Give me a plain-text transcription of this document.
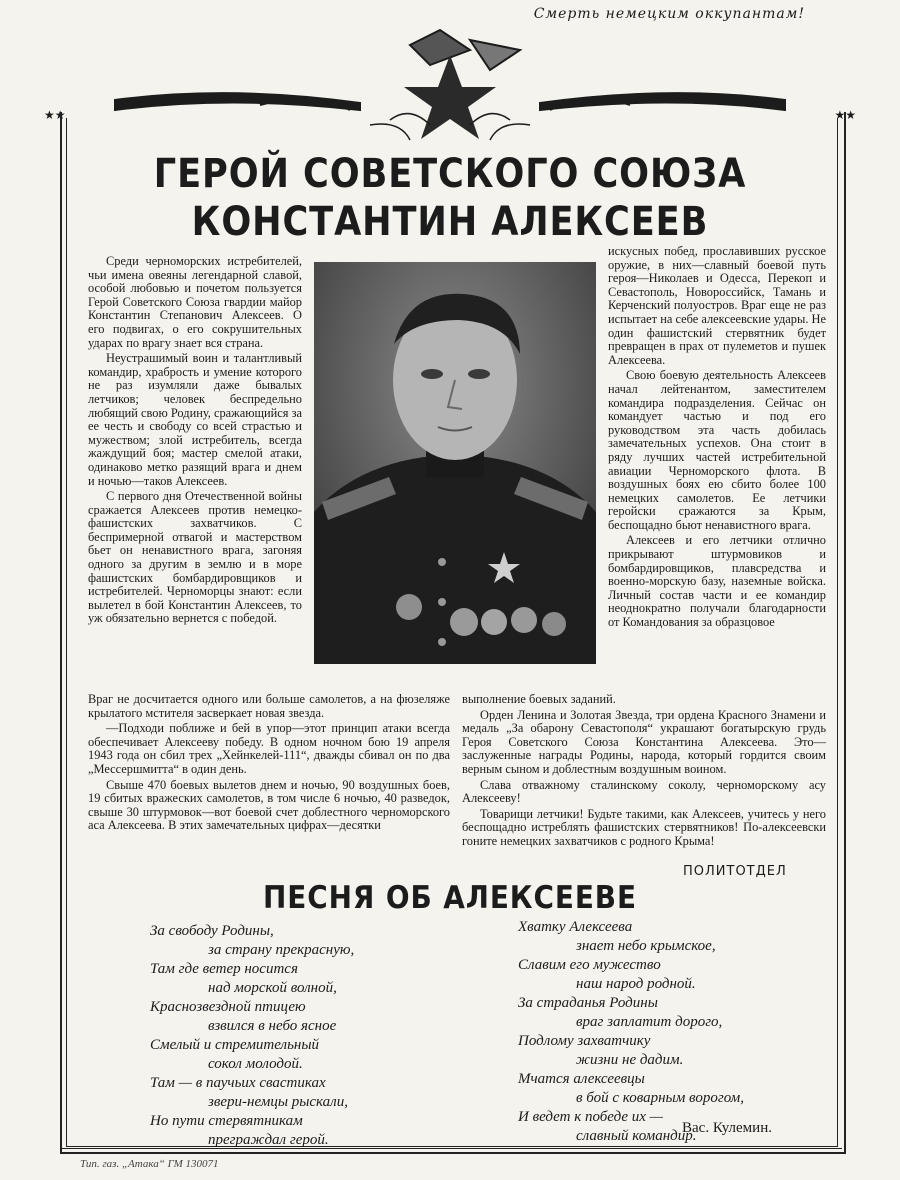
Смерть немецким оккупантам!
★★	★★
ГЕРОЙ СОВЕТСКОГО СОЮЗА
КОНСТАНТИН АЛЕКСЕЕВ

Среди черноморских истребителей, чьи имена овеяны легендарной славой, особой любовью и почетом пользуется Герой Советского Союза гвардии майор Константин Степанович Алексеев. О его подвигах, о его сокрушительных ударах по врагу знает вся страна.

Неустрашимый воин и талантливый командир, храбрость и умение которого не раз изумляли даже бывалых летчиков; человек беспредельно любящий свою Родину, сражающийся за ее честь и свободу со всей страстью и мужеством; злой истребитель, всегда жаждущий боя; мастер смелой атаки, одинаково метко разящий врага и днем и ночью—таков Алексеев.

С первого дня Отечественной войны сражается Алексеев против немецко-фашистских захватчиков. С беспримерной отвагой и мастерством бьет он ненавистного врага, загоняя одного за другим в землю и в море фашистских бомбардировщиков и истребителей. Черноморцы знают: если вылетел в бой Константин Алексеев, то уж обязательно вернется с победой.

искусных побед, прославивших русское оружие, в них—славный боевой путь героя—Николаев и Одесса, Перекоп и Севастополь, Новороссийск, Тамань и Керченский полуостров. Враг еще не раз испытает на себе алексеевские удары. Не один фашистский стервятник будет превращен в прах от пулеметов и пушек Алексеева.

Свою боевую деятельность Алексеев начал лейтенантом, заместителем командира подразделения. Сейчас он командует частью и под его руководством эта часть добилась замечательных успехов. Она стоит в ряду лучших частей истребительной авиации Черноморского флота. В воздушных боях ею сбито более 100 немецких самолетов. Ее летчики геройски сражаются за Крым, беспощадно бьют ненавистного врага.

Алексеев и его летчики отлично прикрывают штурмовиков и бомбардировщиков, плавсредства и военно-морскую базу, наземные войска. Личный состав части и ее командир неоднократно получали благодарности от Командования за образцовое

Враг не досчитается одного или больше самолетов, а на фюзеляже крылатого мстителя засверкает новая звезда.

—Подходи поближе и бей в упор—этот принцип атаки всегда обеспечивает Алексееву победу. В одном ночном бою 19 апреля 1943 года он сбил трех „Хейнкелей-111“, дважды сбивал он по два „Мессершмитта“ в один день.

Свыше 470 боевых вылетов днем и ночью, 90 воздушных боев, 19 сбитых вражеских самолетов, в том числе 6 ночью, 40 разведок, свыше 30 штурмовок—вот боевой счет доблестного черноморского аса Алексеева. В этих замечательных цифрах—десятки

выполнение боевых заданий.

Орден Ленина и Золотая Звезда, три ордена Красного Знамени и медаль „За обарону Севастополя“ украшают богатырскую грудь Героя Советского Союза Константина Алексеева. Это—заслуженные награды Родины, народа, который гордится своим верным сыном и доблестным воздушным воином.

Слава отважному сталинскому соколу, черноморскому асу Алексееву!

Товарищи летчики! Будьте такими, как Алексеев, учитесь у него беспощадно истреблять фашистских стервятников! По-алексеевски гоните немецких захватчиков с родного Крыма!

ПОЛИТОТДЕЛ
ПЕСНЯ ОБ АЛЕКСЕЕВЕ
За свободу Родины,
за страну прекрасную,
Там где ветер носится
над морской волной,
Краснозвездной птицею
взвился в небо ясное
Смелый и стремительный
сокол молодой.
Там — в паучьих свастиках
звери-немцы рыскали,
Но пути стервятникам
преграждал герой.
Хватку Алексеева
знает небо крымское,
Славим его мужество
наш народ родной.
За страданья Родины
враг заплатит дорого,
Подлому захватчику
жизни не дадим.
Мчатся алексеевцы
в бой с коварным ворогом,
И ведет к победе их —
славный командир.
Вас. Кулемин.
Тип. газ. „Атака“ ГМ 130071
